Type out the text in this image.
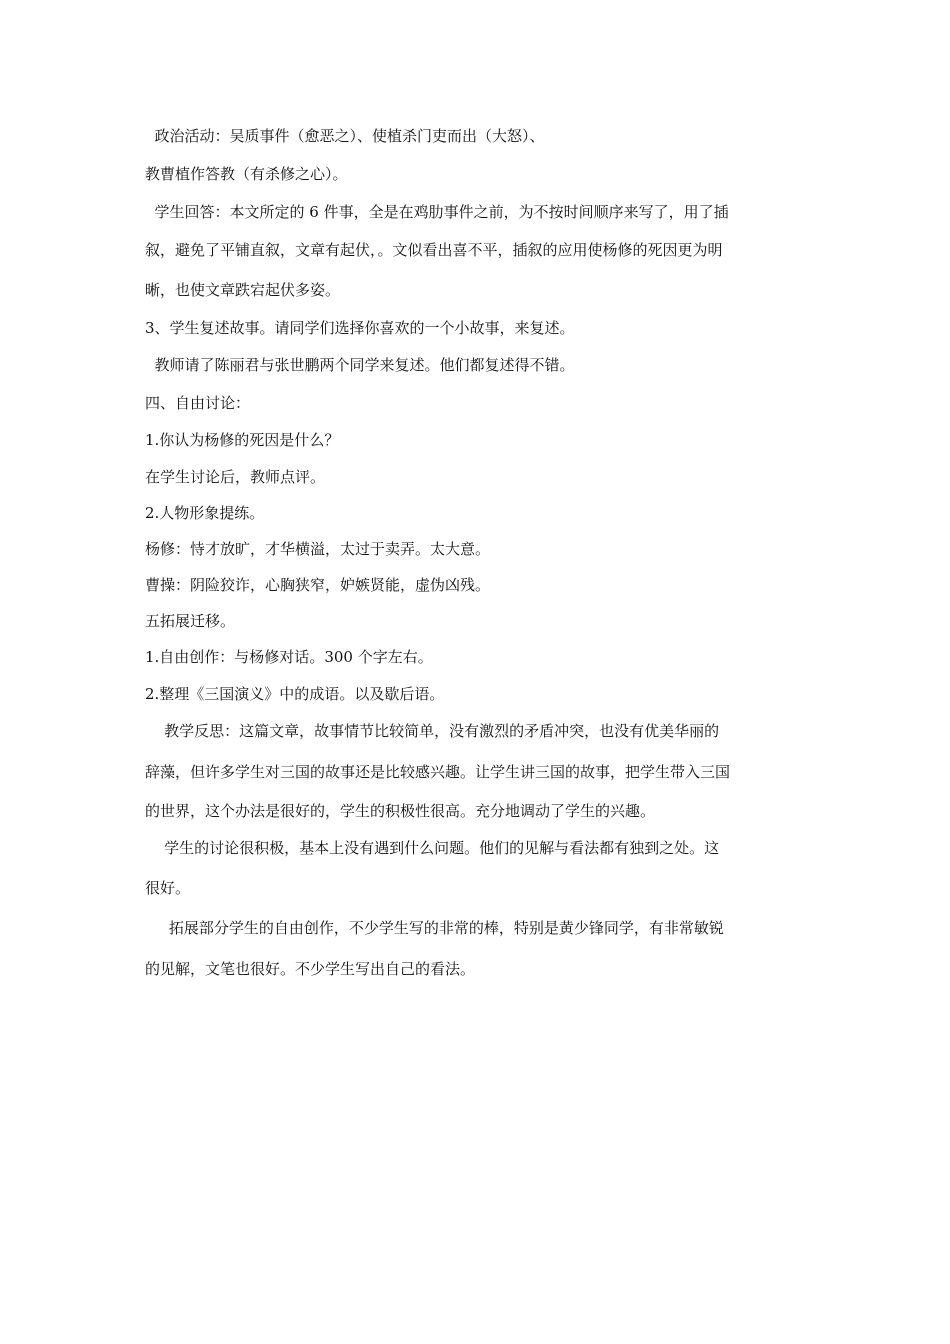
政治活动：吴质事件（愈恶之）、使植杀门吏而出（大怒）、
教曹植作答教（有杀修之心）。
学生回答：本文所定的 6 件事，全是在鸡肋事件之前，为不按时间顺序来写了，用了插
叙，避免了平铺直叙，文章有起伏，。文似看出喜不平，插叙的应用使杨修的死因更为明
晰，也使文章跌宕起伏多姿。
3、学生复述故事。请同学们选择你喜欢的一个小故事，来复述。
教师请了陈丽君与张世鹏两个同学来复述。他们都复述得不错。
四、自由讨论：
1.你认为杨修的死因是什么？
在学生讨论后，教师点评。
2.人物形象提练。
杨修：恃才放旷，才华横溢，太过于卖弄。太大意。
曹操：阴险狡诈，心胸狭窄，妒嫉贤能，虚伪凶残。
五拓展迁移。
1.自由创作：与杨修对话。300 个字左右。
2.整理《三国演义》中的成语。以及歇后语。
教学反思：这篇文章，故事情节比较简单，没有激烈的矛盾冲突，也没有优美华丽的
辞藻，但许多学生对三国的故事还是比较感兴趣。让学生讲三国的故事，把学生带入三国
的世界，这个办法是很好的，学生的积极性很高。充分地调动了学生的兴趣。
学生的讨论很积极，基本上没有遇到什么问题。他们的见解与看法都有独到之处。这
很好。
拓展部分学生的自由创作，不少学生写的非常的棒，特别是黄少锋同学，有非常敏锐
的见解，文笔也很好。不少学生写出自己的看法。
